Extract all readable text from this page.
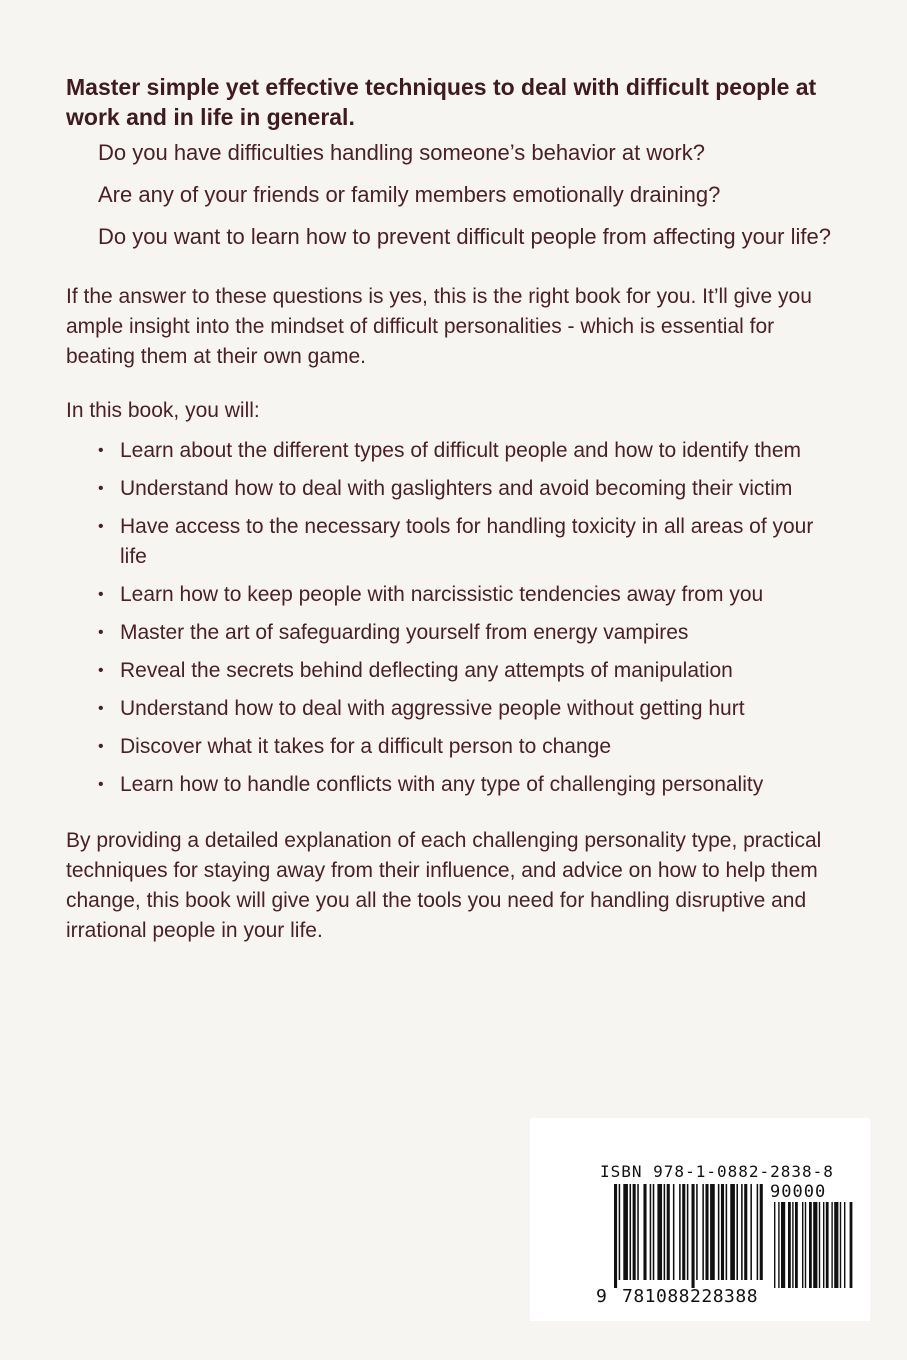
Master simple yet effective techniques to deal with difficult people at work and in life in general.

Do you have difficulties handling someone’s behavior at work?

Are any of your friends or family members emotionally draining?

Do you want to learn how to prevent difficult people from affecting your life?

If the answer to these questions is yes, this is the right book for you. It’ll give you ample insight into the mindset of difficult personalities - which is essential for beating them at their own game.

In this book, you will:

• Learn about the different types of difficult people and how to identify them
• Understand how to deal with gaslighters and avoid becoming their victim
• Have access to the necessary tools for handling toxicity in all areas of your life
• Learn how to keep people with narcissistic tendencies away from you
• Master the art of safeguarding yourself from energy vampires
• Reveal the secrets behind deflecting any attempts of manipulation
• Understand how to deal with aggressive people without getting hurt
• Discover what it takes for a difficult person to change
• Learn how to handle conflicts with any type of challenging personality

By providing a detailed explanation of each challenging personality type, practical techniques for staying away from their influence, and advice on how to help them change, this book will give you all the tools you need for handling disruptive and irrational people in your life.

ISBN 978-1-0882-2838-8
90000
9 781088228388
